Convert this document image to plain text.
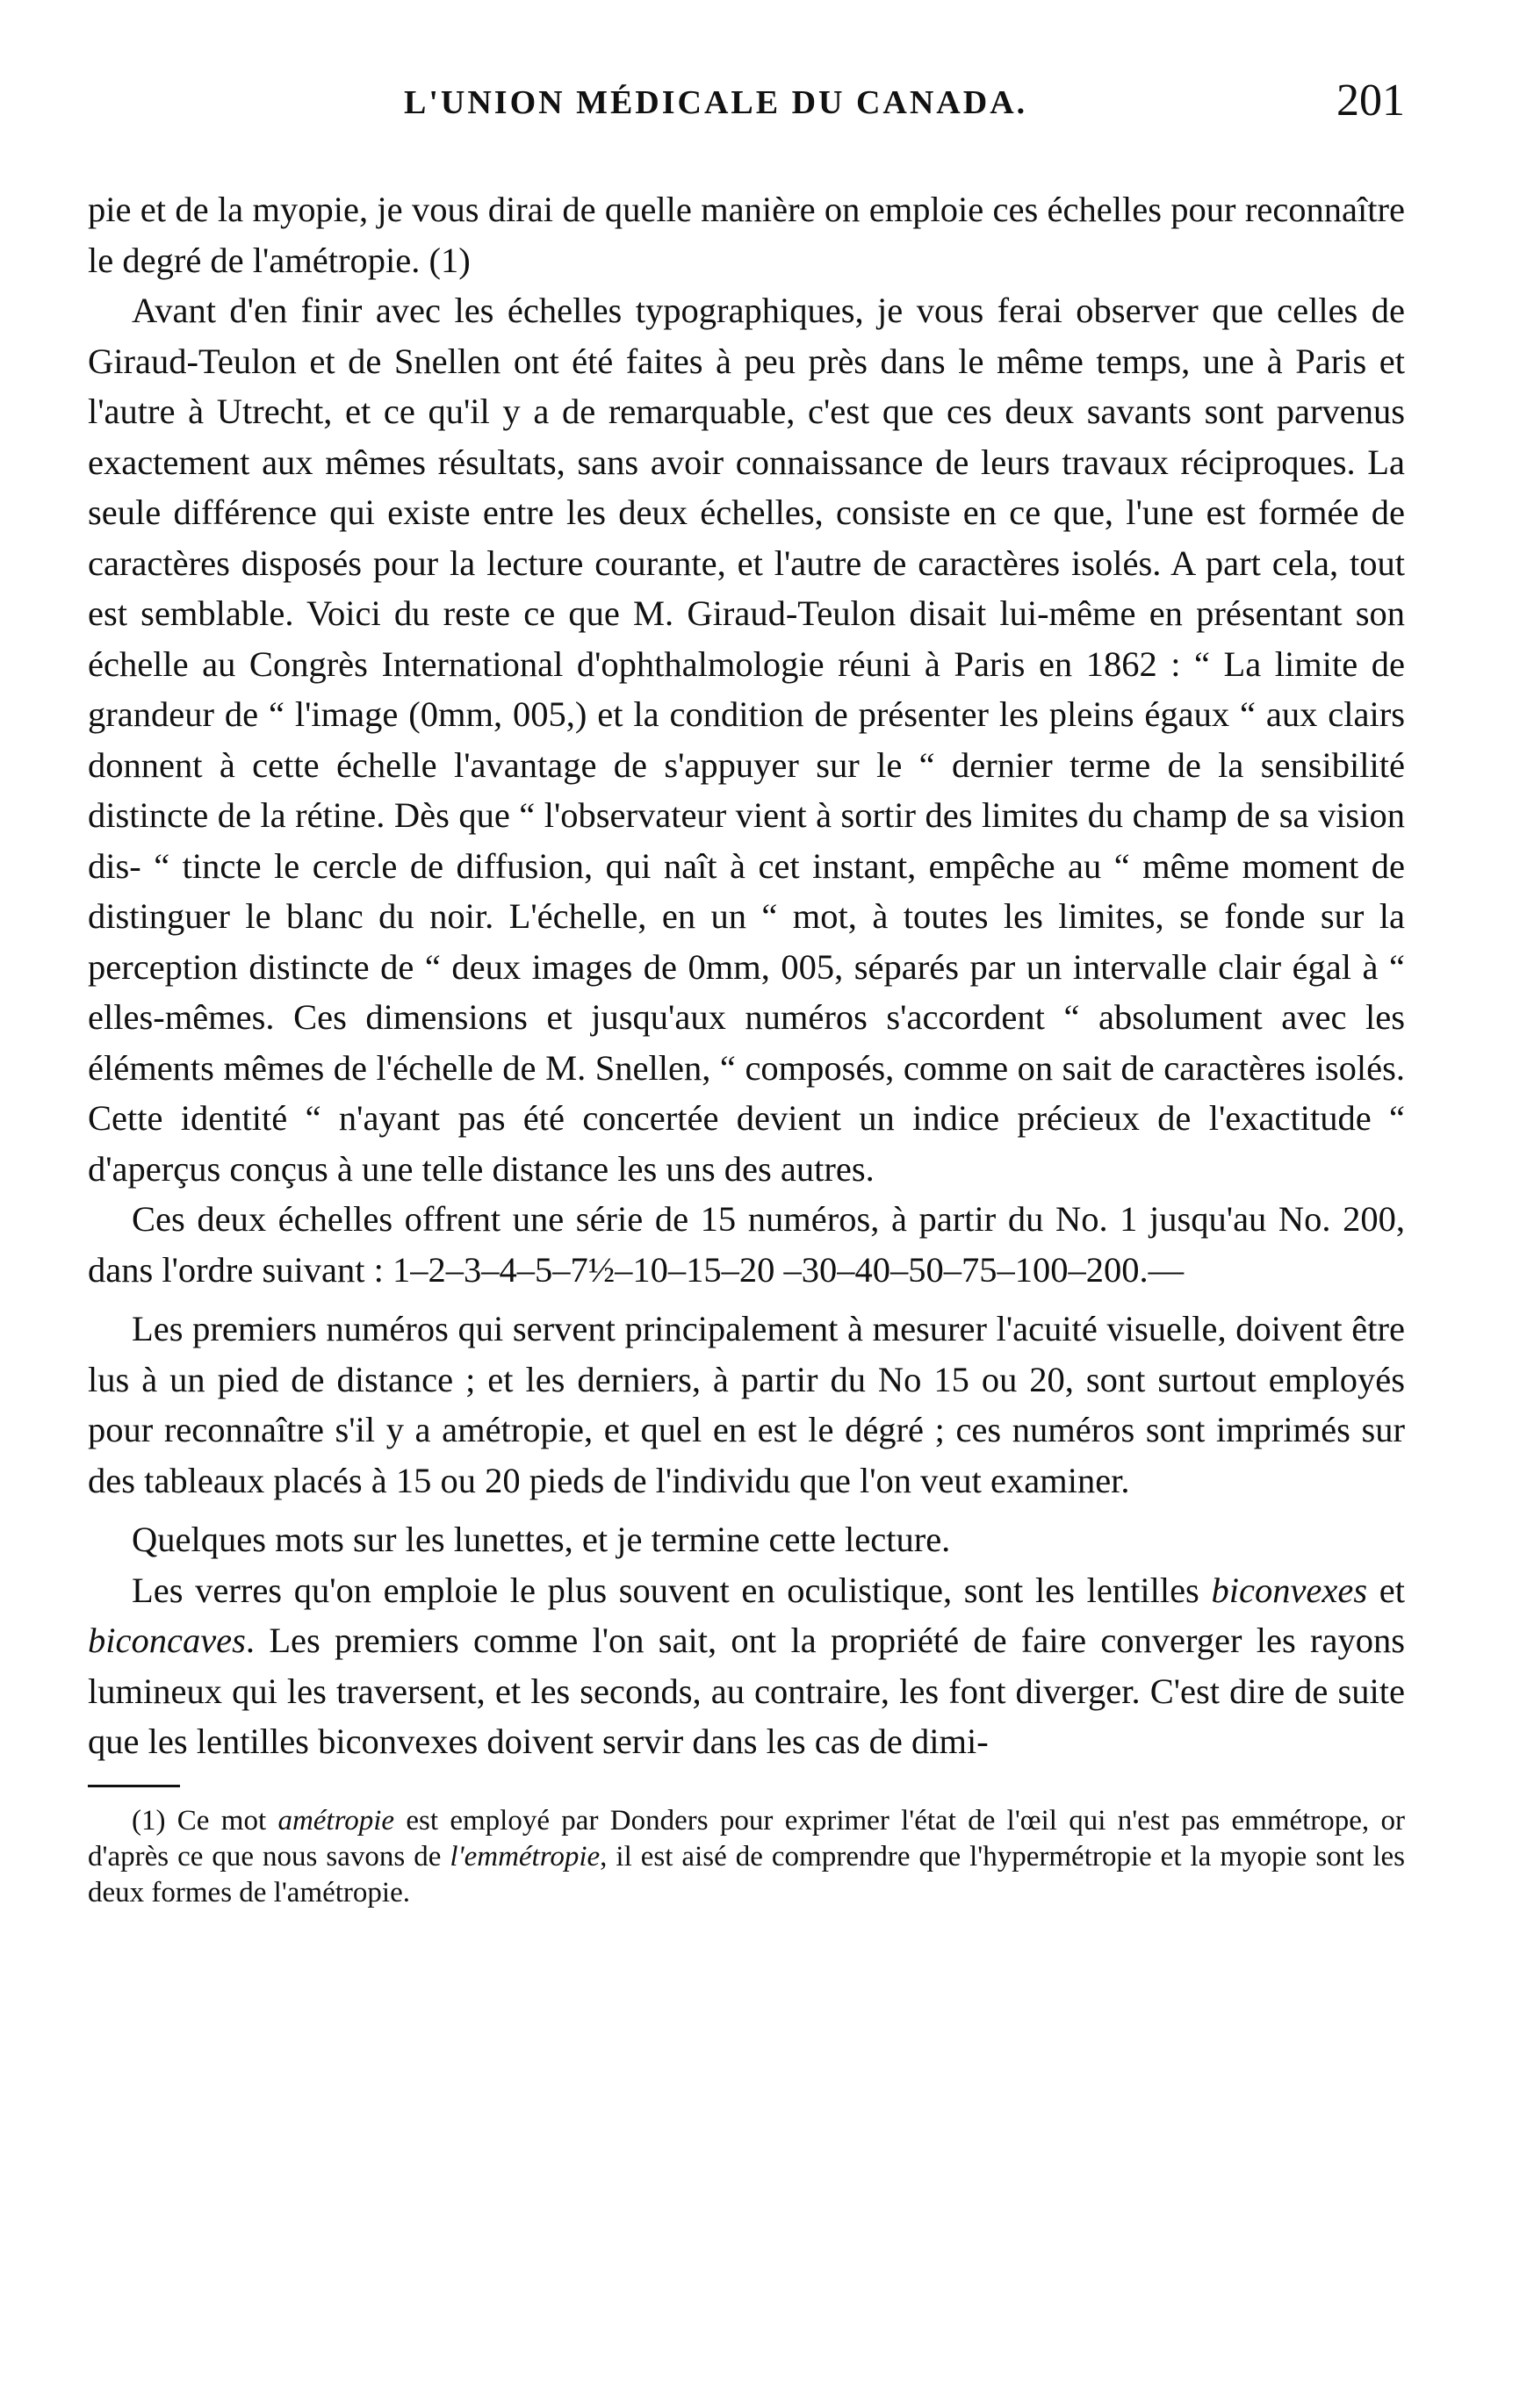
L'UNION MÉDICALE DU CANADA.	201

pie et de la myopie, je vous dirai de quelle manière on emploie ces échelles pour reconnaître le degré de l'amétropie. (1)

Avant d'en finir avec les échelles typographiques, je vous ferai observer que celles de Giraud-Teulon et de Snellen ont été faites à peu près dans le même temps, une à Paris et l'autre à Utrecht, et ce qu'il y a de remarquable, c'est que ces deux savants sont parvenus exactement aux mêmes résultats, sans avoir connaissance de leurs travaux réciproques. La seule différence qui existe entre les deux échelles, consiste en ce que, l'une est formée de caractères disposés pour la lecture courante, et l'autre de caractères isolés. A part cela, tout est semblable. Voici du reste ce que M. Giraud-Teulon disait lui-même en présentant son échelle au Congrès International d'ophthalmologie réuni à Paris en 1862 : “ La limite de grandeur de “ l'image (0mm, 005,) et la condition de présenter les pleins égaux “ aux clairs donnent à cette échelle l'avantage de s'appuyer sur le “ dernier terme de la sensibilité distincte de la rétine. Dès que “ l'observateur vient à sortir des limites du champ de sa vision dis- “ tincte le cercle de diffusion, qui naît à cet instant, empêche au “ même moment de distinguer le blanc du noir. L'échelle, en un “ mot, à toutes les limites, se fonde sur la perception distincte de “ deux images de 0mm, 005, séparés par un intervalle clair égal à “ elles-mêmes. Ces dimensions et jusqu'aux numéros s'accordent “ absolument avec les éléments mêmes de l'échelle de M. Snellen, “ composés, comme on sait de caractères isolés. Cette identité “ n'ayant pas été concertée devient un indice précieux de l'exactitude “ d'aperçus conçus à une telle distance les uns des autres.

Ces deux échelles offrent une série de 15 numéros, à partir du No. 1 jusqu'au No. 200, dans l'ordre suivant : 1–2–3–4–5–7½–10–15–20 –30–40–50–75–100–200.—

Les premiers numéros qui servent principalement à mesurer l'acuité visuelle, doivent être lus à un pied de distance ; et les derniers, à partir du No 15 ou 20, sont surtout employés pour reconnaître s'il y a amétropie, et quel en est le dégré ; ces numéros sont imprimés sur des tableaux placés à 15 ou 20 pieds de l'individu que l'on veut examiner.

Quelques mots sur les lunettes, et je termine cette lecture.

Les verres qu'on emploie le plus souvent en oculistique, sont les lentilles biconvexes et biconcaves. Les premiers comme l'on sait, ont la propriété de faire converger les rayons lumineux qui les traversent, et les seconds, au contraire, les font diverger. C'est dire de suite que les lentilles biconvexes doivent servir dans les cas de dimi-

(1) Ce mot amétropie est employé par Donders pour exprimer l'état de l'œil qui n'est pas emmétrope, or d'après ce que nous savons de l'emmétropie, il est aisé de comprendre que l'hypermétropie et la myopie sont les deux formes de l'amétropie.
